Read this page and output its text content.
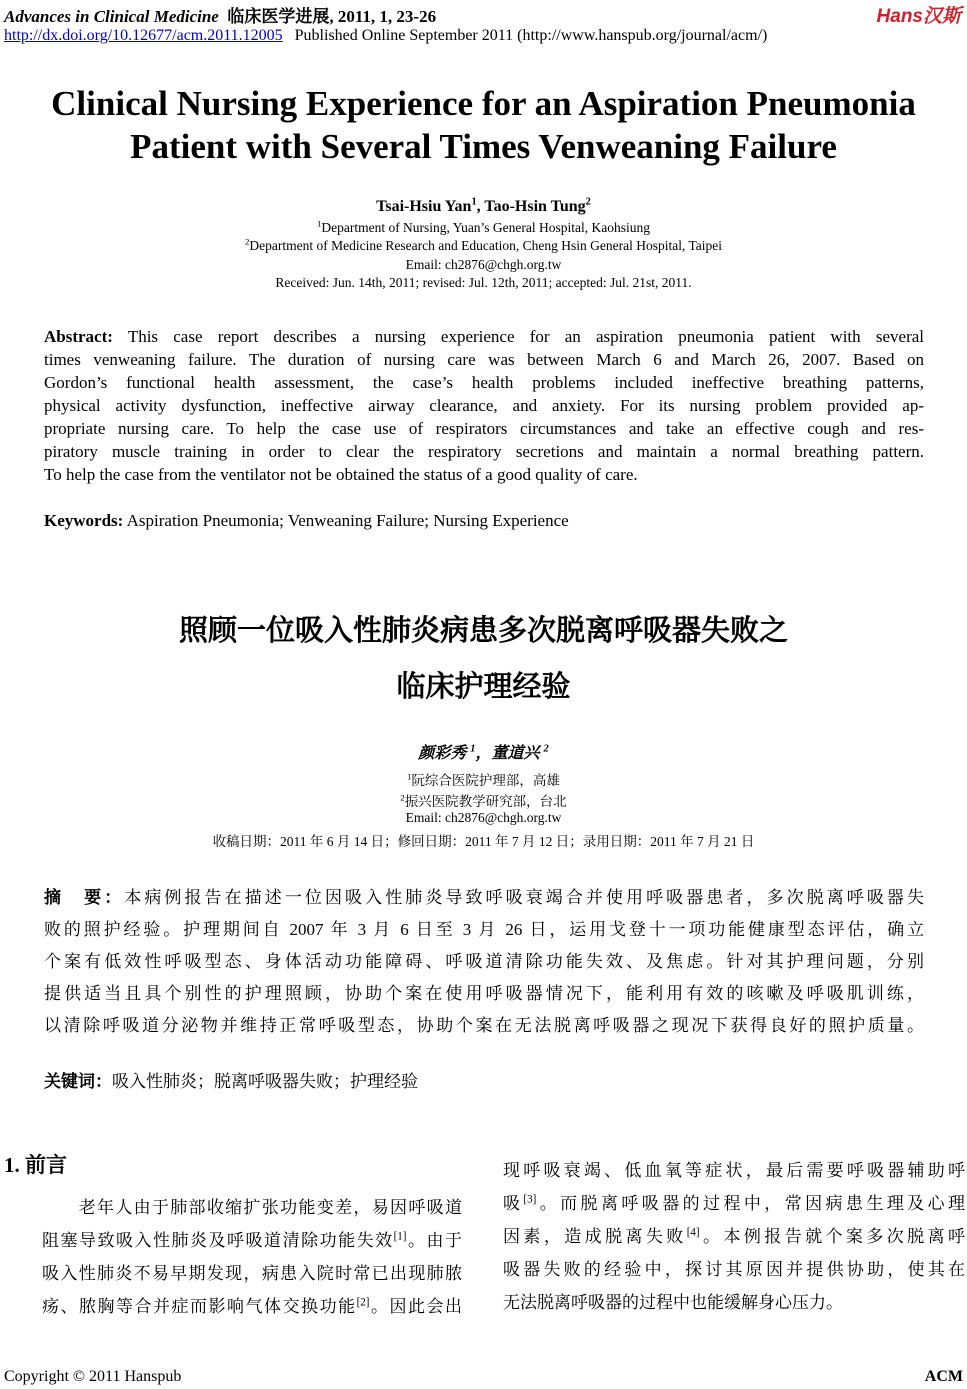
Advances in Clinical Medicine 临床医学进展, 2011, 1, 23-26	Hans汉斯
http://dx.doi.org/10.12677/acm.2011.12005 Published Online September 2011 (http://www.hanspub.org/journal/acm/)
Clinical Nursing Experience for an Aspiration Pneumonia
Patient with Several Times Venweaning Failure
Tsai-Hsiu Yan$^1$, Tao-Hsin Tung$^2$
$^1$Department of Nursing, Yuan’s General Hospital, Kaohsiung
$^2$Department of Medicine Research and Education, Cheng Hsin General Hospital, Taipei
Email: ch2876@chgh.org.tw
Received: Jun. 14th, 2011; revised: Jul. 12th, 2011; accepted: Jul. 21st, 2011.
Abstract: This case report describes a nursing experience for an aspiration pneumonia patient with several
times venweaning failure. The duration of nursing care was between March 6 and March 26, 2007. Based on
Gordon’s functional health assessment, the case’s health problems included ineffective breathing patterns,
physical activity dysfunction, ineffective airway clearance, and anxiety. For its nursing problem provided ap-
propriate nursing care. To help the case use of respirators circumstances and take an effective cough and res-
piratory muscle training in order to clear the respiratory secretions and maintain a normal breathing pattern.
To help the case from the ventilator not be obtained the status of a good quality of care.
Keywords: Aspiration Pneumonia; Venweaning Failure; Nursing Experience
照顾一位吸入性肺炎病患多次脱离呼吸器失败之
临床护理经验
颜彩秀 $^1$，董道兴 $^2$
$^1$阮综合医院护理部，高雄
$^2$振兴医院教学研究部，台北
Email: ch2876@chgh.org.tw
收稿日期：2011 年 6 月 14 日；修回日期：2011 年 7 月 12 日；录用日期：2011 年 7 月 21 日
摘　要：本病例报告在描述一位因吸入性肺炎导致呼吸衰竭合并使用呼吸器患者，多次脱离呼吸器失
败的照护经验。护理期间自 2007 年 3 月 6 日至 3 月 26 日，运用戈登十一项功能健康型态评估，确立
个案有低效性呼吸型态、身体活动功能障碍、呼吸道清除功能失效、及焦虑。针对其护理问题，分别
提供适当且具个别性的护理照顾，协助个案在使用呼吸器情况下，能利用有效的咳嗽及呼吸肌训练，
以清除呼吸道分泌物并维持正常呼吸型态，协助个案在无法脱离呼吸器之现况下获得良好的照护质量。
关键词：吸入性肺炎；脱离呼吸器失败；护理经验
1. 前言
　　老年人由于肺部收缩扩张功能变差，易因呼吸道
阻塞导致吸入性肺炎及呼吸道清除功能失效[1]。由于
吸入性肺炎不易早期发现，病患入院时常已出现肺脓
疡、脓胸等合并症而影响气体交换功能[2]。因此会出
现呼吸衰竭、低血氧等症状，最后需要呼吸器辅助呼
吸[3]。而脱离呼吸器的过程中，常因病患生理及心理
因素，造成脱离失败[4]。本例报告就个案多次脱离呼
吸器失败的经验中，探讨其原因并提供协助，使其在
无法脱离呼吸器的过程中也能缓解身心压力。
Copyright © 2011 Hanspub	ACM
